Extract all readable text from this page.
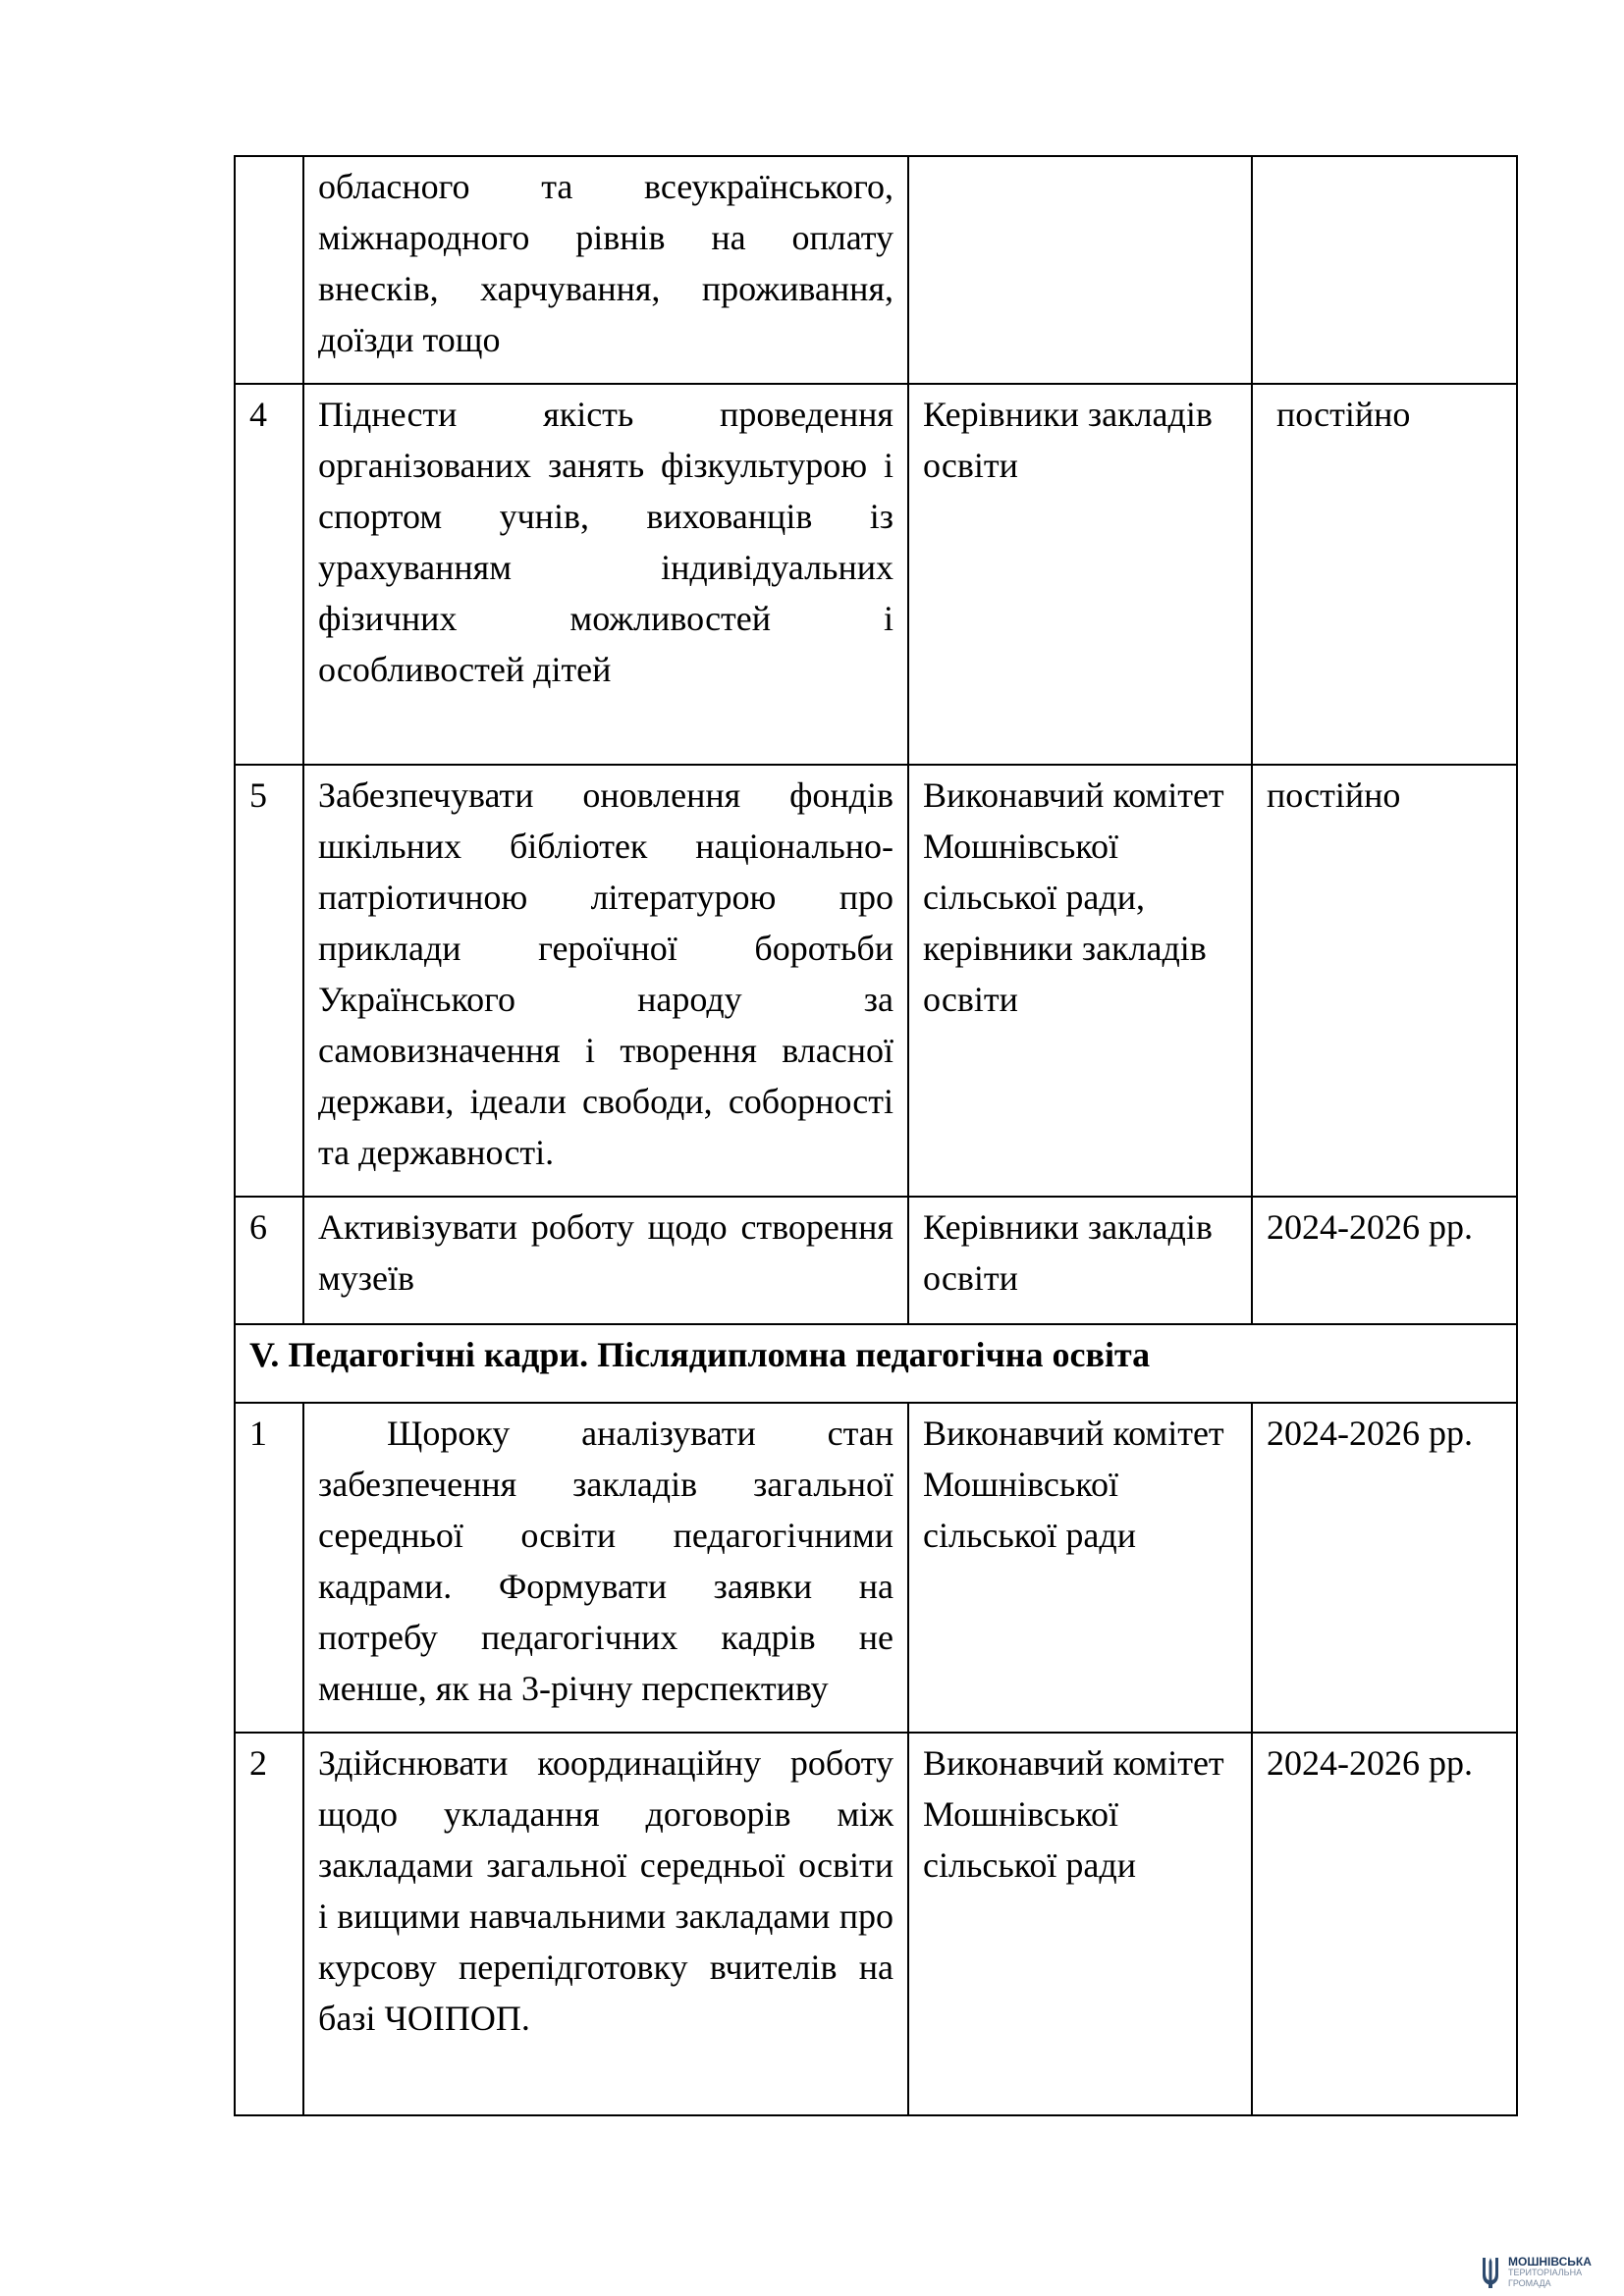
	обласного та всеукраїнського, міжнародного рівнів на оплату внесків, харчування, проживання, доїзди тощо		
4	Піднести якість проведення організованих занять фізкультурою і спортом учнів, вихованців із урахуванням індивідуальних фізичних можливостей і особливостей дітей	Керівники закладів освіти	постійно
5	Забезпечувати оновлення фондів шкільних бібліотек національно-патріотичною літературою про приклади героїчної боротьби Українського народу за самовизначення і творення власної держави, ідеали свободи, соборності та державності.	Виконавчий комітет Мошнівської сільської ради, керівники закладів освіти	постійно
6	Активізувати роботу щодо створення музеїв	Керівники закладів освіти	2024-2026 рр.
V. Педагогічні кадри. Післядипломна педагогічна освіта			
1	Щороку аналізувати стан забезпечення закладів загальної середньої освіти педагогічними кадрами. Формувати заявки на потребу педагогічних кадрів не менше, як на 3-річну перспективу	Виконавчий комітет Мошнівської сільської ради	2024-2026 рр.
2	Здійснювати координаційну роботу щодо укладання договорів між закладами загальної середньої освіти і вищими навчальними закладами про курсову перепідготовку вчителів на базі ЧОІПОП.	Виконавчий комітет Мошнівської сільської ради	2024-2026 рр.
МОШНІВСЬКА
ТЕРИТОРІАЛЬНА
ГРОМАДА
